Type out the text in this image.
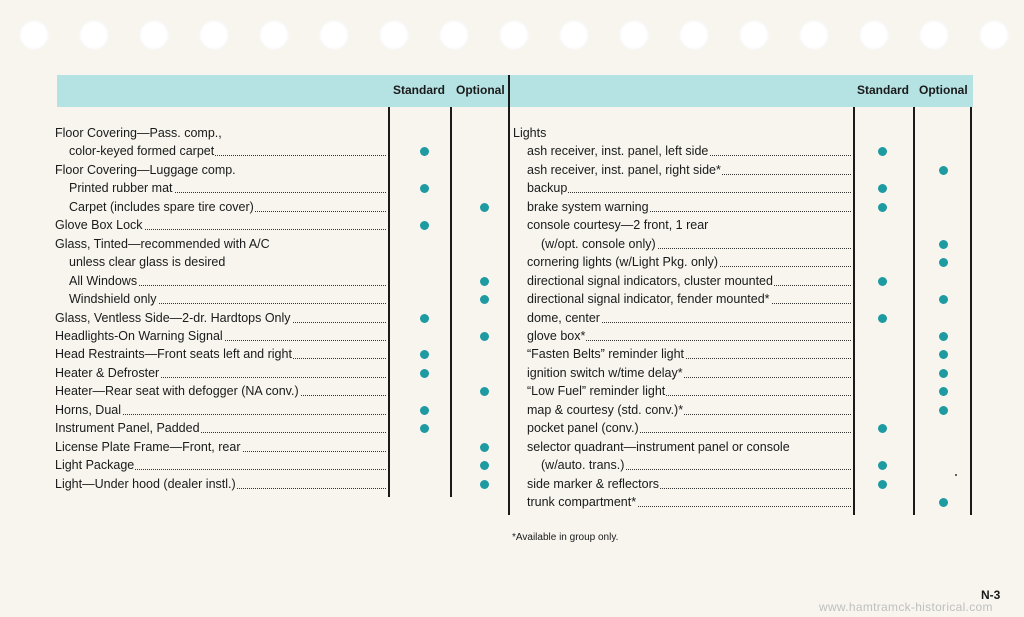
Standard Optional	Standard Optional
Floor Covering—Pass. comp.,
color-keyed formed carpet
Floor Covering—Luggage comp.
Printed rubber mat
Carpet (includes spare tire cover)
Glove Box Lock
Glass, Tinted—recommended with A/C
unless clear glass is desired
All Windows
Windshield only
Glass, Ventless Side—2-dr. Hardtops Only
Headlights-On Warning Signal
Head Restraints—Front seats left and right
Heater & Defroster
Heater—Rear seat with defogger (NA conv.)
Horns, Dual
Instrument Panel, Padded
License Plate Frame—Front, rear
Light Package
Light—Under hood (dealer instl.)
Lights
ash receiver, inst. panel, left side
ash receiver, inst. panel, right side*
backup
brake system warning
console courtesy—2 front, 1 rear
(w/opt. console only)
cornering lights (w/Light Pkg. only)
directional signal indicators, cluster mounted
directional signal indicator, fender mounted*
dome, center
glove box*
“Fasten Belts” reminder light
ignition switch w/time delay*
“Low Fuel” reminder light
map & courtesy (std. conv.)*
pocket panel (conv.)
selector quadrant—instrument panel or console
(w/auto. trans.)
side marker & reflectors
trunk compartment*
*Available in group only.
N-3
www.hamtramck-historical.com
